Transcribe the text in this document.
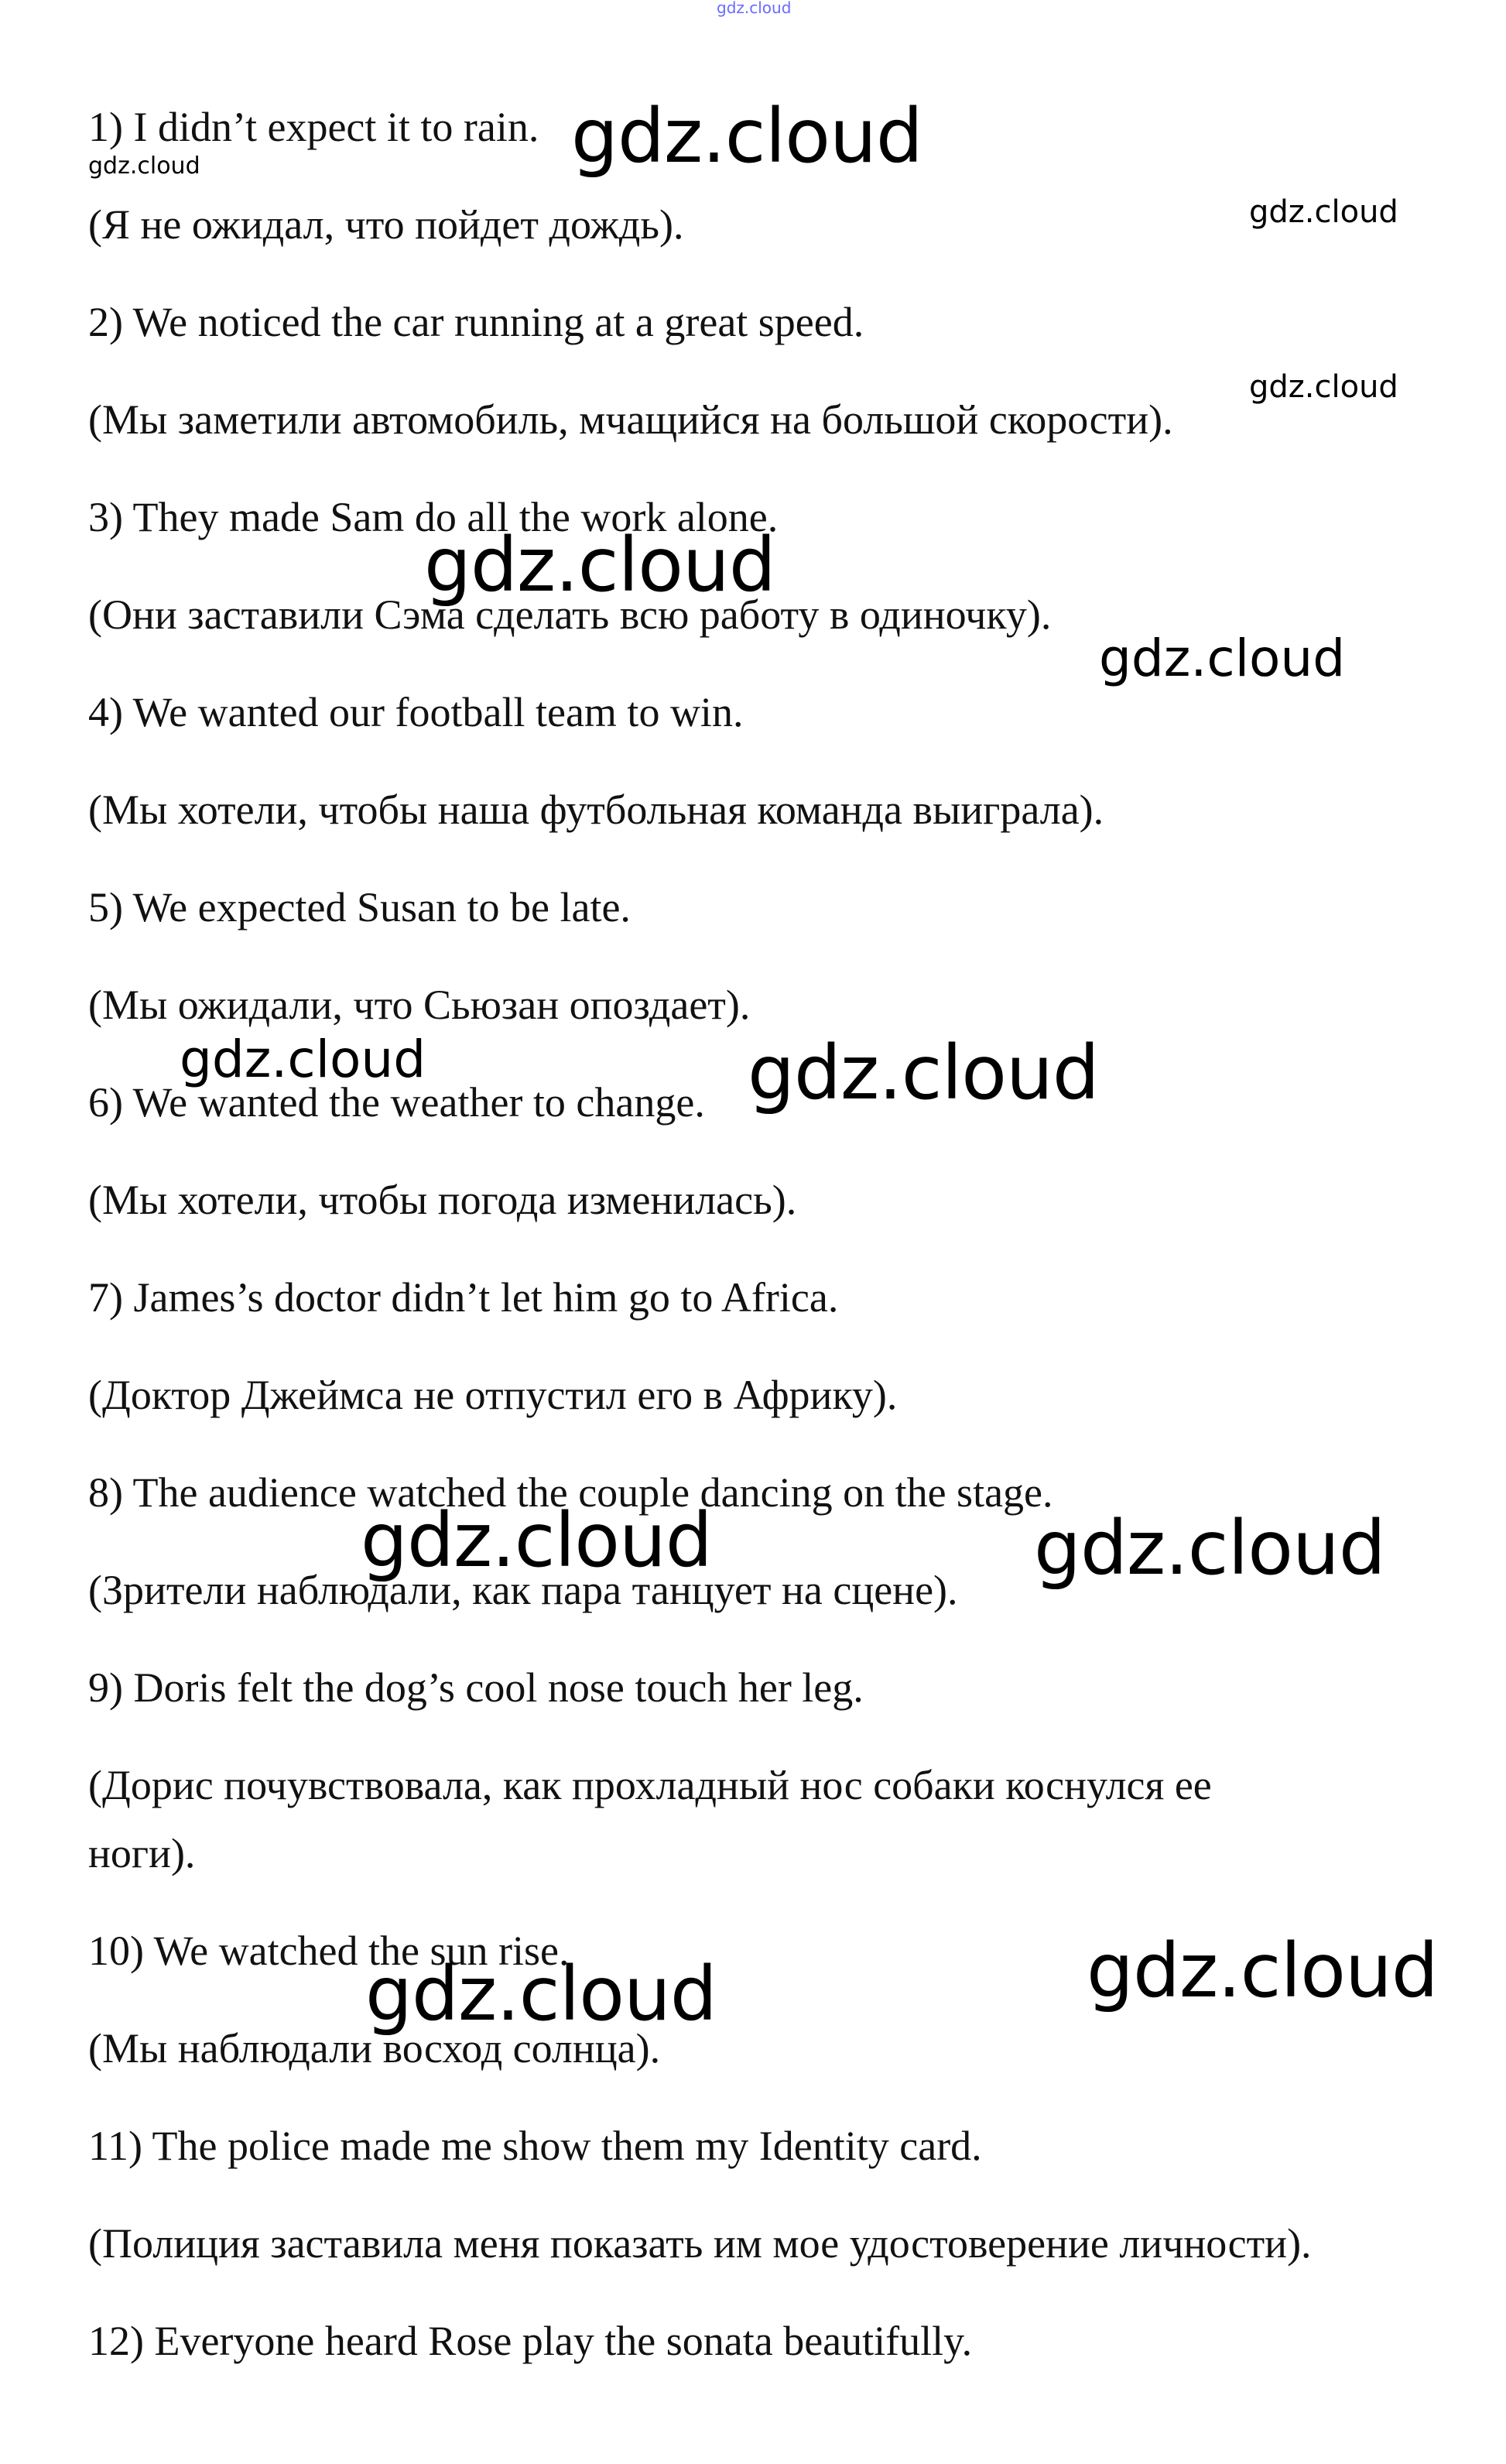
gdz.cloud

1) I didn’t expect it to rain.

(Я не ожидал, что пойдет дождь).

2) We noticed the car running at a great speed.

(Мы заметили автомобиль, мчащийся на большой скорости).

3) They made Sam do all the work alone.

(Они заставили Сэма сделать всю работу в одиночку).

4) We wanted our football team to win.

(Мы хотели, чтобы наша футбольная команда выиграла).

5) We expected Susan to be late.

(Мы ожидали, что Сьюзан опоздает).

6) We wanted the weather to change.

(Мы хотели, чтобы погода изменилась).

7) James’s doctor didn’t let him go to Africa.

(Доктор Джеймса не отпустил его в Африку).

8) The audience watched the couple dancing on the stage.

(Зрители наблюдали, как пара танцует на сцене).

9) Doris felt the dog’s cool nose touch her leg.

(Дорис почувствовала, как прохладный нос собаки коснулся ее

ноги).

10) We watched the sun rise.

(Мы наблюдали восход солнца).

11) The police made me show them my Identity card.

(Полиция заставила меня показать им мое удостоверение личности).

12) Everyone heard Rose play the sonata beautifully.

gdz.cloud
gdz.cloud
gdz.cloud
gdz.cloud
gdz.cloud
gdz.cloud
gdz.cloud	gdz.cloud
gdz.cloud	gdz.cloud
gdz.cloud	gdz.cloud
